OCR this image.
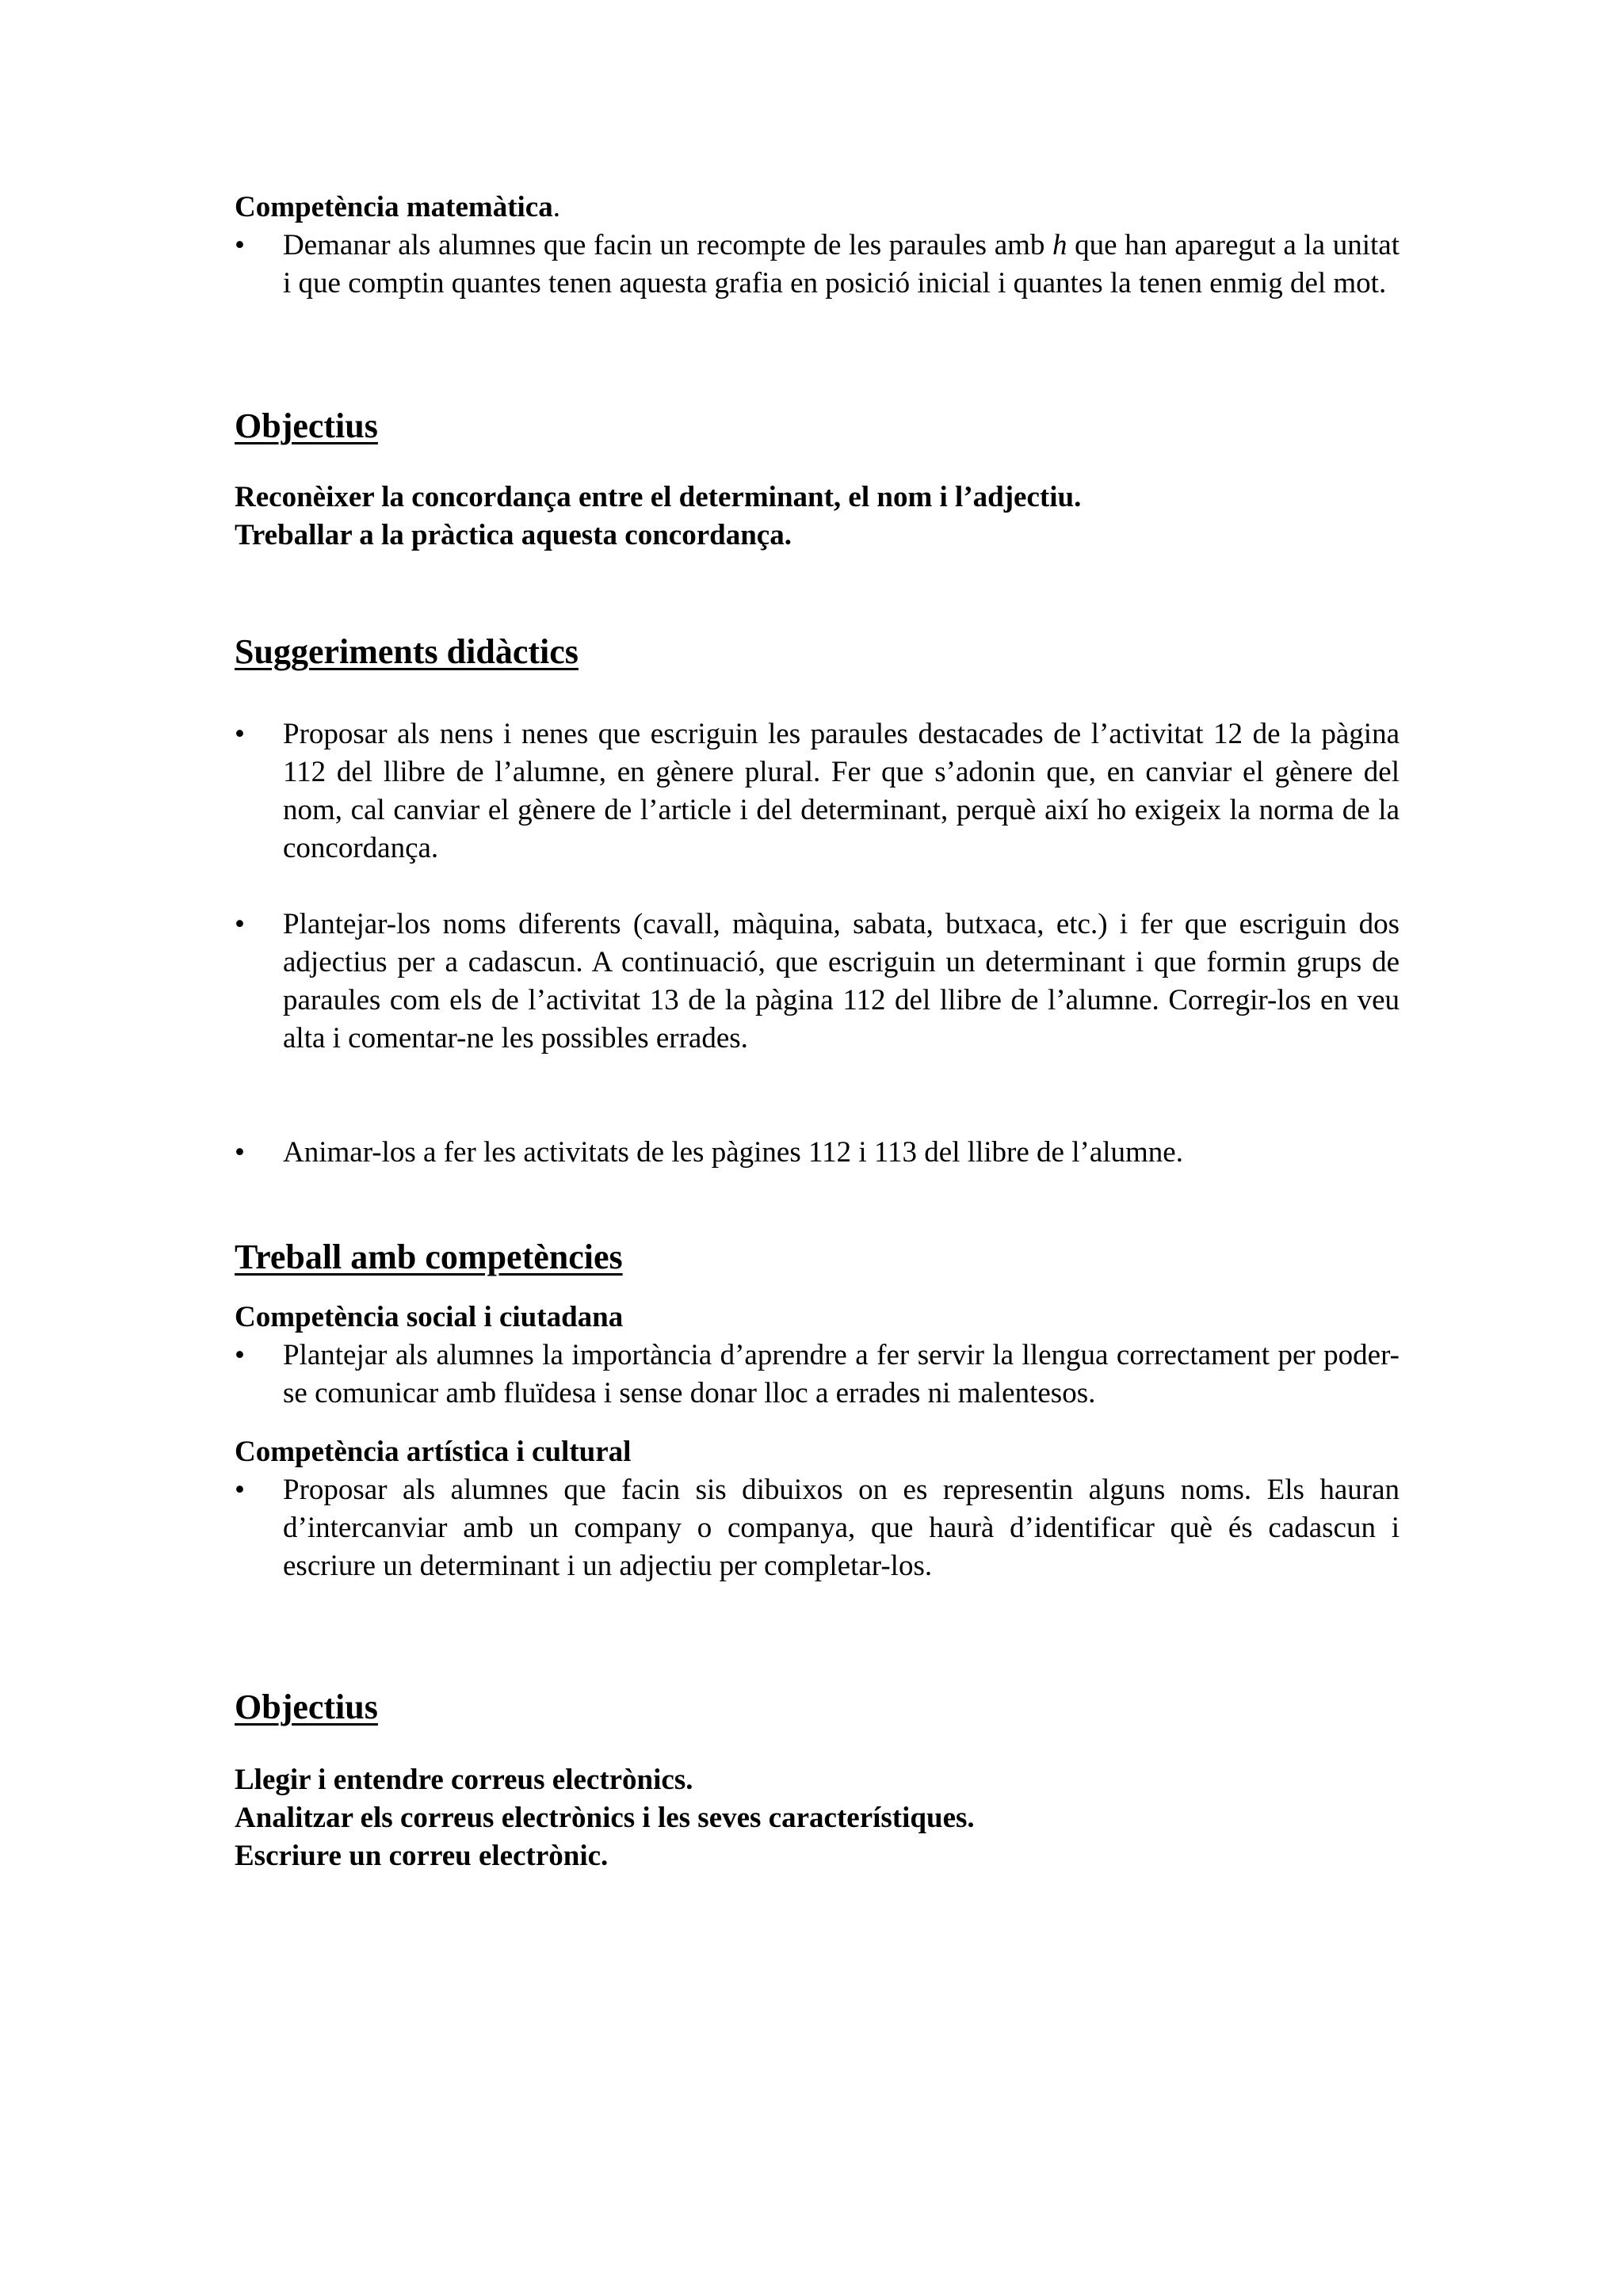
Competència matemàtica.

•	Demanar als alumnes que facin un recompte de les paraules amb h que han aparegut a la unitat i que comptin quantes tenen aquesta grafia en posició inicial i quantes la tenen enmig del mot.
Objectius

Reconèixer la concordança entre el determinant, el nom i l’adjectiu.

Treballar a la pràctica aquesta concordança.

Suggeriments didàctics
•	Proposar als nens i nenes que escriguin les paraules destacades de l’activitat 12 de la pàgina 112 del llibre de l’alumne, en gènere plural. Fer que s’adonin que, en canviar el gènere del nom, cal canviar el gènere de l’article i del determinant, perquè així ho exigeix la norma de la concordança.
•	Plantejar-los noms diferents (cavall, màquina, sabata, butxaca, etc.) i fer que escriguin dos adjectius per a cadascun. A continuació, que escriguin un determinant i que formin grups de paraules com els de l’activitat 13 de la pàgina 112 del llibre de l’alumne. Corregir-los en veu alta i comentar-ne les possibles errades.
•	Animar-los a fer les activitats de les pàgines 112 i 113 del llibre de l’alumne.
Treball amb competències

Competència social i ciutadana

•	Plantejar als alumnes la importància d’aprendre a fer servir la llengua correctament per poder-se comunicar amb fluïdesa i sense donar lloc a errades ni malentesos.

Competència artística i cultural

•	Proposar als alumnes que facin sis dibuixos on es representin alguns noms. Els hauran d’intercanviar amb un company o companya, que haurà d’identificar què és cadascun i escriure un determinant i un adjectiu per completar-los.
Objectius

Llegir i entendre correus electrònics.

Analitzar els correus electrònics i les seves característiques.

Escriure un correu electrònic.
